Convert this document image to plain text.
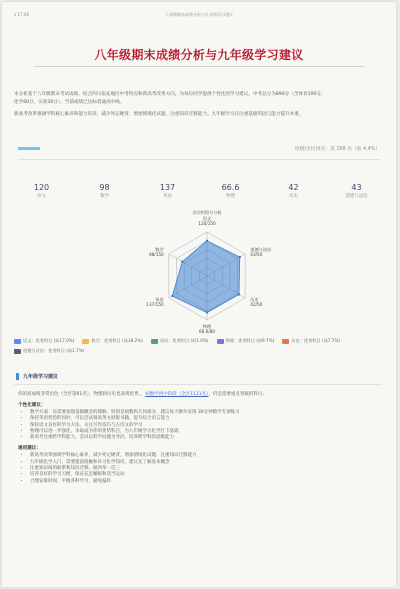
s 17:48	八年级期末成绩分析与九年级学习建议
八年级期末成绩分析与九年级学习建议
本分析基于八年级期末考试成绩，结合四川南充地区中考特点和新高考改革方向，为每位同学提供个性化的学习建议。中考总分为890分（含体育100分，
化学60分，实验30分），当前成绩已达标普通高中线。
新高考改革强调学科核心素养和能力培养，减少死记硬背，增加情境化试题，注重知识迁移能力。九年级学习应注重基础巩固与能力提升并重。
班级/全区排名：第 268 名（前 4.4%）
120
语文
98
数学
137
英语
66.6
物理
42
历史
43
道德与法治
各学科得分分析
语文
120/150
道德与法治
43/50
历史
42/50
物理
66.6/80
英语
137/150
数学
98/150
语文：优秀科目 (前17.0%)	数学：优秀科目 (前18.2%)	英语：优秀科目 (前1.0%)	物理：优秀科目 (前9.7%)	历史：优秀科目 (前7.7%)
道德与法治：优秀科目 (前1.7%)
九年级学习建议

你的高成绩非常出色（全区第61名），物理和历史也表现优秀。，初数学初中阶段（全区1121名），仍是需要重点突破的科目。

个性化建议：
• 数学方面：你需要加强基础概念的理解，特别是函数和几何部分，建议每天额外安排 30分钟数学专项练习
• 保持英语优势的同时，可以尝试阅读英文原版书籍，提升综合语言能力
• 保持语文良好的学习方法，关注写作技巧与古诗文的学习
• 物理可以进一步强化，争取成为你的优势科目，为九年级学习化学打下基础
• 新高考注重跨学科能力，尝试以科学问题为导向，培养跨学科的思维能力
通用建议：
• 新高考改革强调学科核心素养，减少死记硬背，增加情境化试题，注重知识迁移能力
• 九年级化学入门，需要提前接触和补习化学知识，建议先了解基本概念
• 注重知识间的联系和知识迁移，做到举一反三
• 培养良好的学习习惯，保证充足睡眠和适当运动
• 合理安排时间，平衡各科学习，避免偏科
